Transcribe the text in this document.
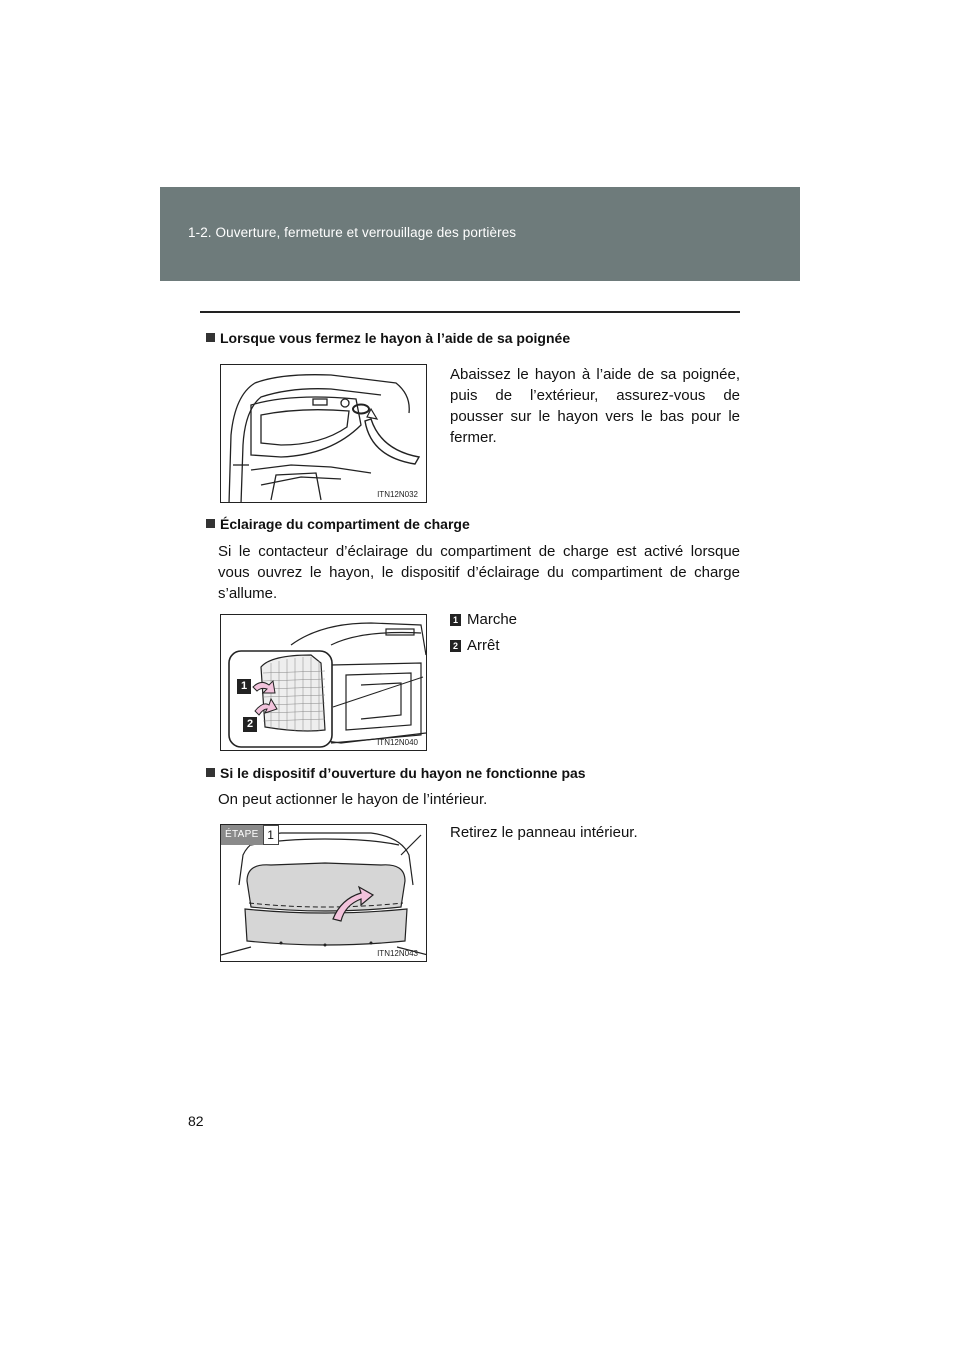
1-2. Ouverture, fermeture et verrouillage des portières
Lorsque vous fermez le hayon à l’aide de sa poignée
ITN12N032
Abaissez le hayon à l’aide de sa poignée, puis de l’extérieur, assurez-vous de pousser sur le hayon vers le bas pour le fermer.
Éclairage du compartiment de charge
Si le contacteur d’éclairage du compartiment de charge est activé lorsque vous ouvrez le hayon, le dispositif d’éclairage du compartiment de charge s’allume.
1
2
ITN12N040
1 Marche
2 Arrêt
Si le dispositif d’ouverture du hayon ne fonctionne pas
On peut actionner le hayon de l’intérieur.
ÉTAPE 1
ITN12N043
Retirez le panneau intérieur.
82
